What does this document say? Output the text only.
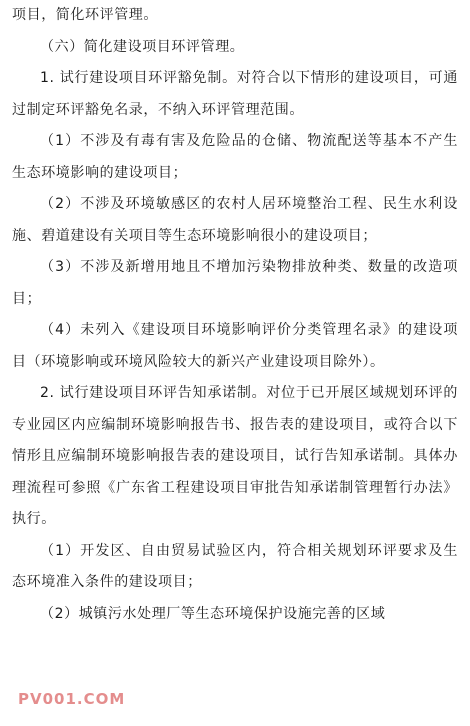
项目，简化环评管理。

（六）简化建设项目环评管理。

1. 试行建设项目环评豁免制。对符合以下情形的建设项目，可通过制定环评豁免名录，不纳入环评管理范围。

（1）不涉及有毒有害及危险品的仓储、物流配送等基本不产生生态环境影响的建设项目；

（2）不涉及环境敏感区的农村人居环境整治工程、民生水利设施、碧道建设有关项目等生态环境影响很小的建设项目；

（3）不涉及新增用地且不增加污染物排放种类、数量的改造项目；

（4）未列入《建设项目环境影响评价分类管理名录》的建设项目（环境影响或环境风险较大的新兴产业建设项目除外）。

2. 试行建设项目环评告知承诺制。对位于已开展区域规划环评的专业园区内应编制环境影响报告书、报告表的建设项目，或符合以下情形且应编制环境影响报告表的建设项目，试行告知承诺制。具体办理流程可参照《广东省工程建设项目审批告知承诺制管理暂行办法》执行。

（1）开发区、自由贸易试验区内，符合相关规划环评要求及生态环境准入条件的建设项目；

（2）城镇污水处理厂等生态环境保护设施完善的区域

PV001.COM
